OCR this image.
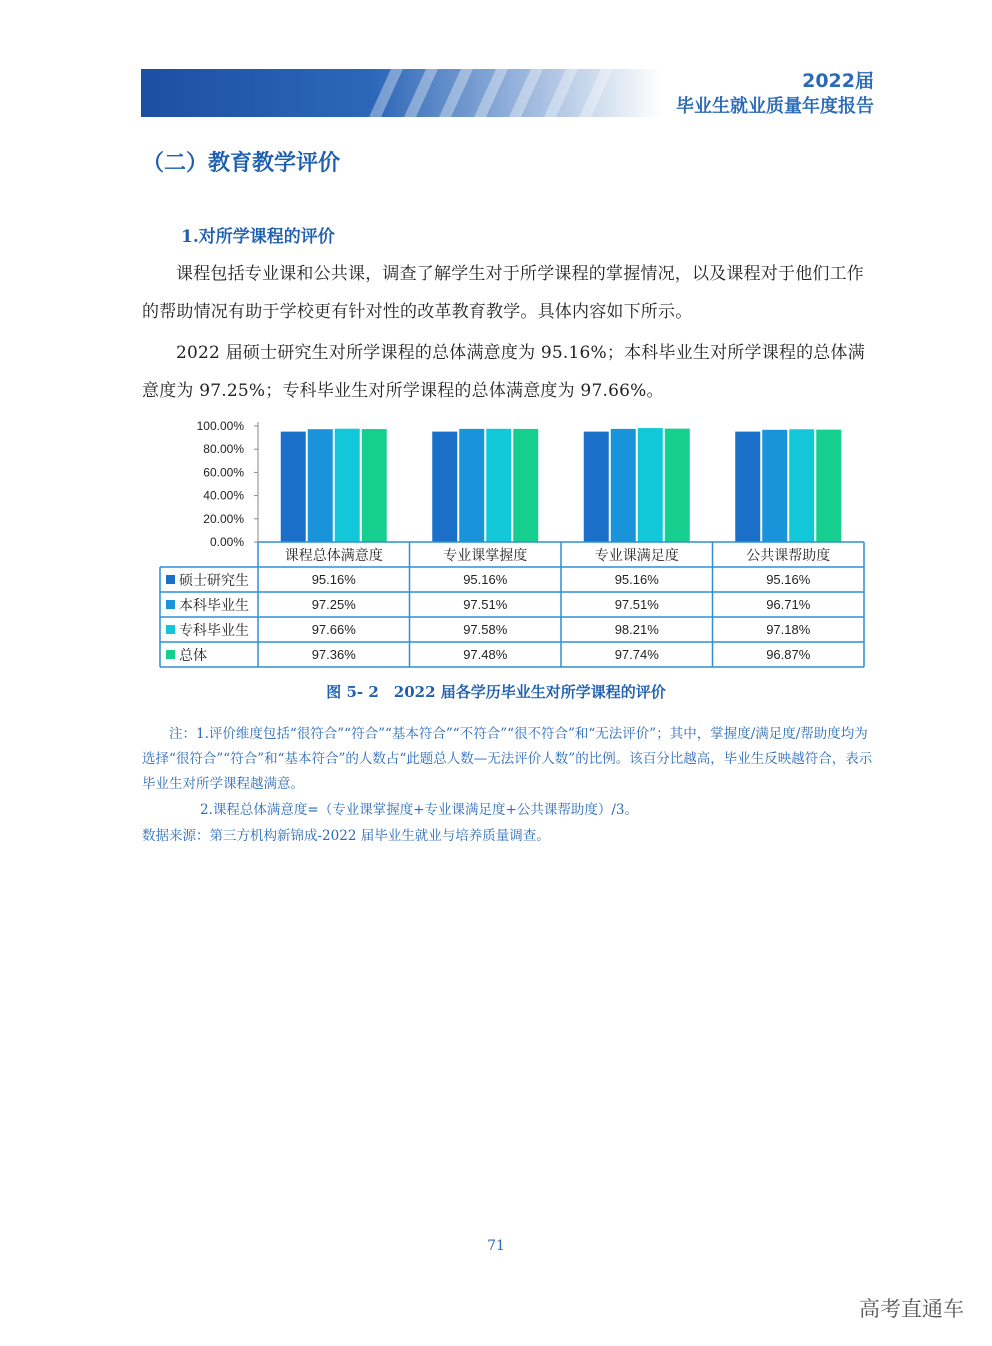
2022届
毕业生就业质量年度报告
（二）教育教学评价
1.对所学课程的评价
课程包括专业课和公共课，调查了解学生对于所学课程的掌握情况，以及课程对于他们工作的帮助情况有助于学校更有针对性的改革教育教学。具体内容如下所示。
2022 届硕士研究生对所学课程的总体满意度为 95.16%；本科毕业生对所学课程的总体满意度为 97.25%；专科毕业生对所学课程的总体满意度为 97.66%。
100.00%
80.00%
60.00%
40.00%
20.00%
0.00%
课程总体满意度	专业课掌握度	专业课满足度	公共课帮助度
硕士研究生	95.16%	95.16%	95.16%	95.16%
本科毕业生	97.25%	97.51%	97.51%	96.71%
专科毕业生	97.66%	97.58%	98.21%	97.18%
总体	97.36%	97.48%	97.74%	96.87%
图 5- 2　2022 届各学历毕业生对所学课程的评价
注：1.评价维度包括“很符合”“符合”“基本符合”“不符合”“很不符合”和“无法评价”；其中，掌握度/满足度/帮助度均为选择“很符合”“符合”和“基本符合”的人数占“此题总人数—无法评价人数”的比例。该百分比越高，毕业生反映越符合，表示毕业生对所学课程越满意。
2.课程总体满意度=（专业课掌握度+专业课满足度+公共课帮助度）/3。
数据来源：第三方机构新锦成-2022 届毕业生就业与培养质量调查。
71
高考直通车
